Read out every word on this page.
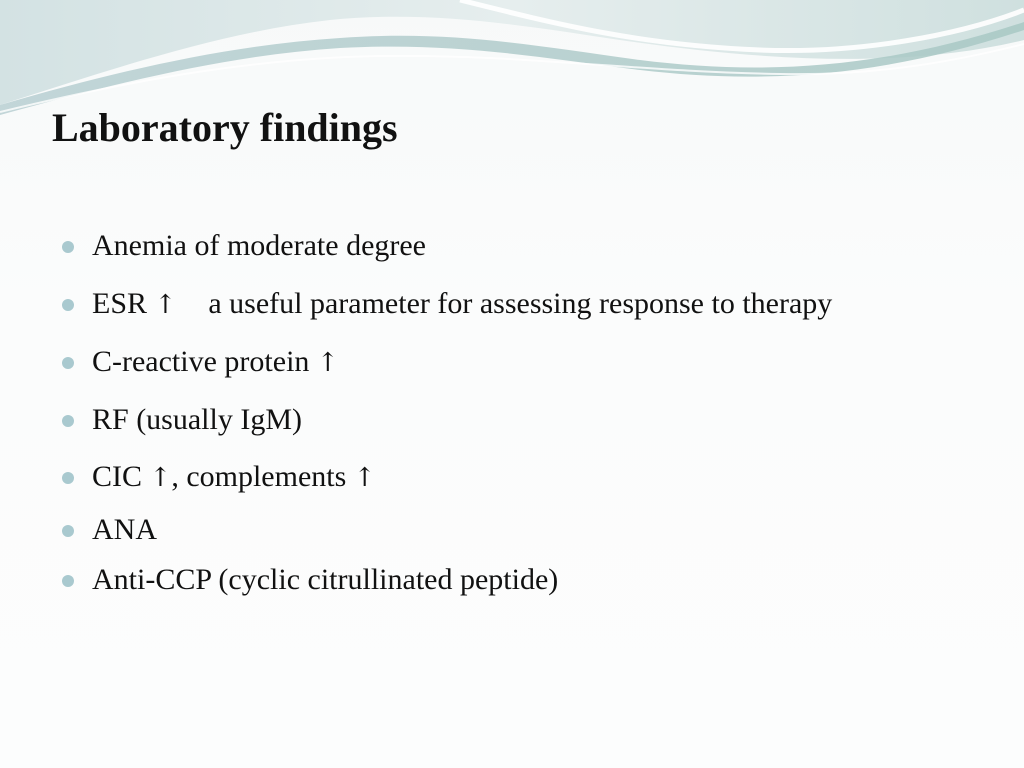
Laboratory findings
Anemia of moderate degree
ESR ↑ a useful parameter for assessing response to therapy
C-reactive protein ↑
RF (usually IgM)
CIC ↑, complements ↑
ANA
Anti-CCP (cyclic citrullinated peptide)
